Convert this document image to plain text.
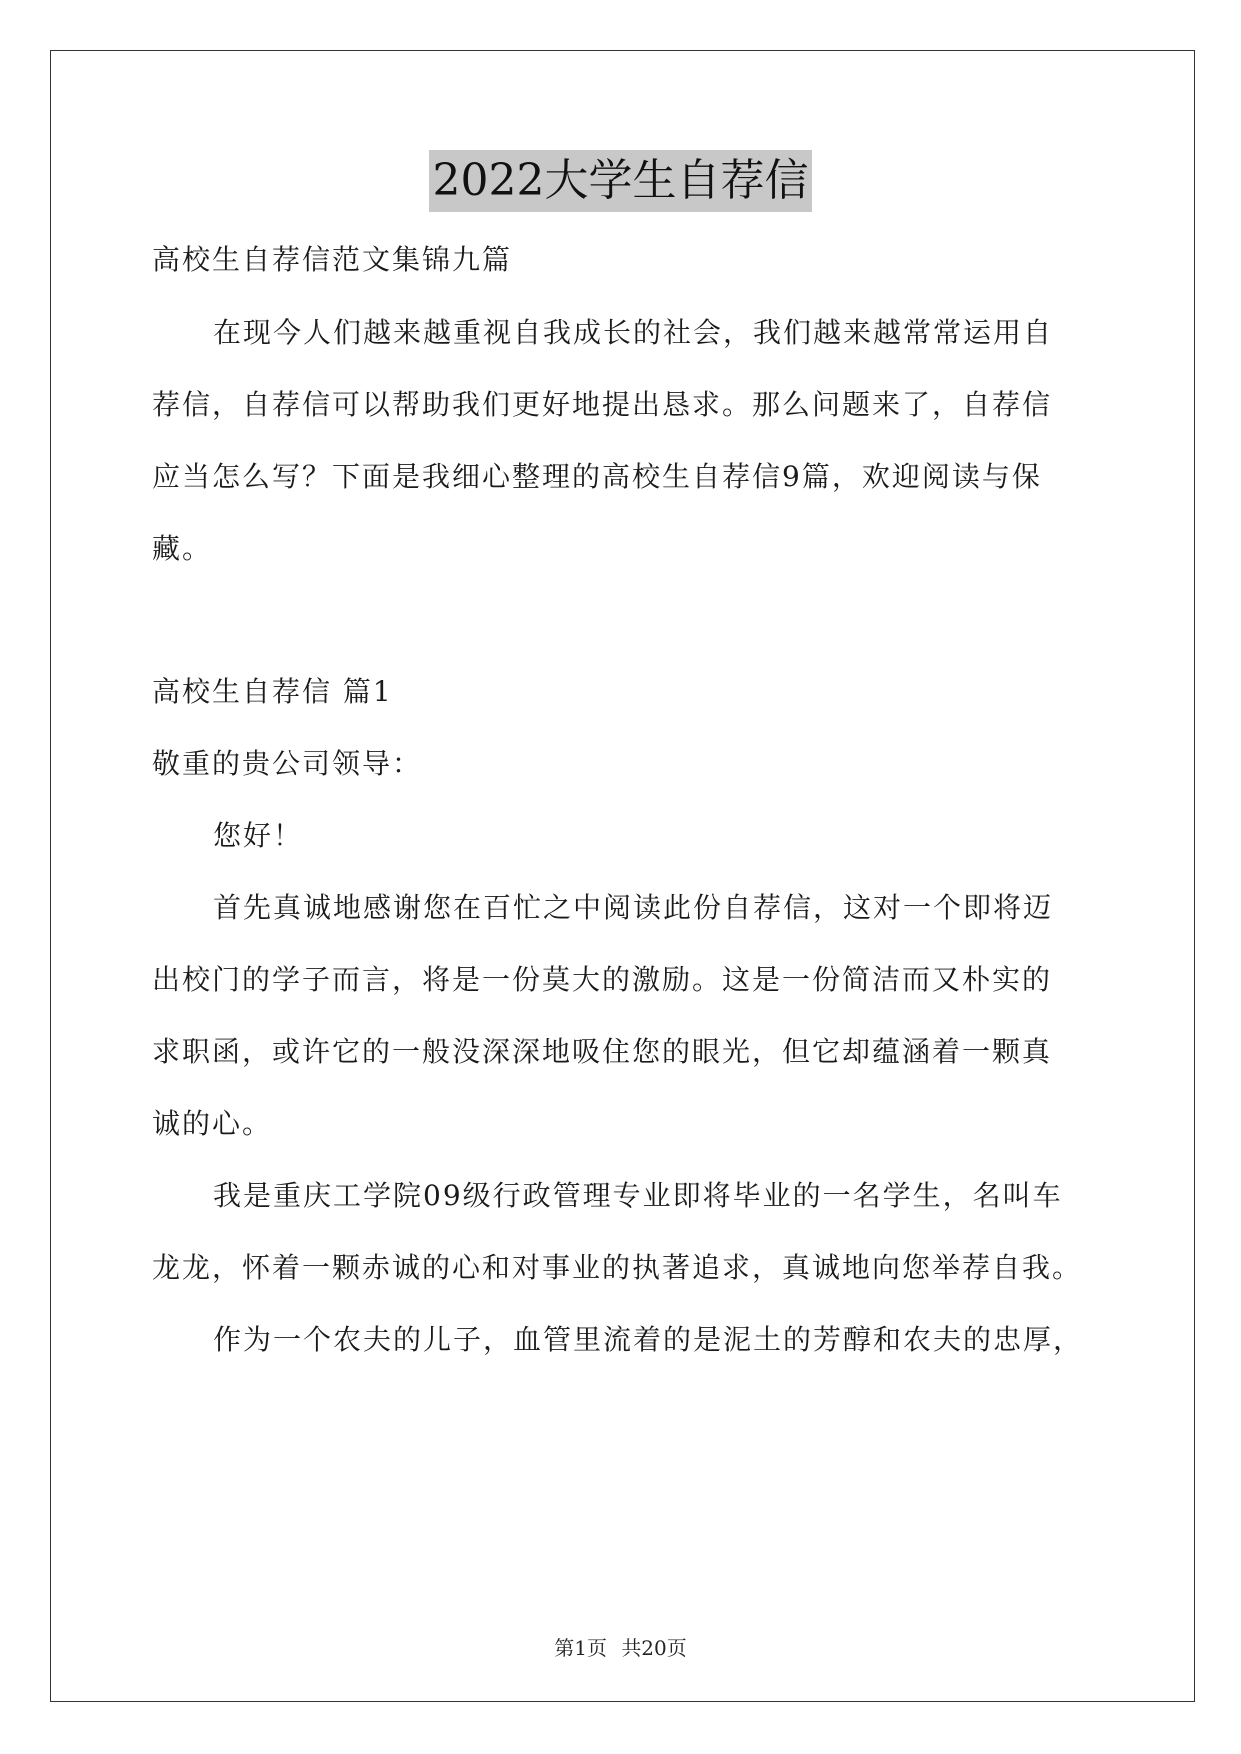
2022大学生自荐信
高校生自荐信范文集锦九篇
在现今人们越来越重视自我成长的社会，我们越来越常常运用自
荐信，自荐信可以帮助我们更好地提出恳求。那么问题来了，自荐信
应当怎么写？下面是我细心整理的高校生自荐信9篇，欢迎阅读与保
藏。
高校生自荐信 篇1
敬重的贵公司领导：
您好！
首先真诚地感谢您在百忙之中阅读此份自荐信，这对一个即将迈
出校门的学子而言，将是一份莫大的激励。这是一份简洁而又朴实的
求职函，或许它的一般没深深地吸住您的眼光，但它却蕴涵着一颗真
诚的心。
我是重庆工学院09级行政管理专业即将毕业的一名学生，名叫车
龙龙，怀着一颗赤诚的心和对事业的执著追求，真诚地向您举荐自我。
作为一个农夫的儿子，血管里流着的是泥土的芳醇和农夫的忠厚，
第1页 共20页
